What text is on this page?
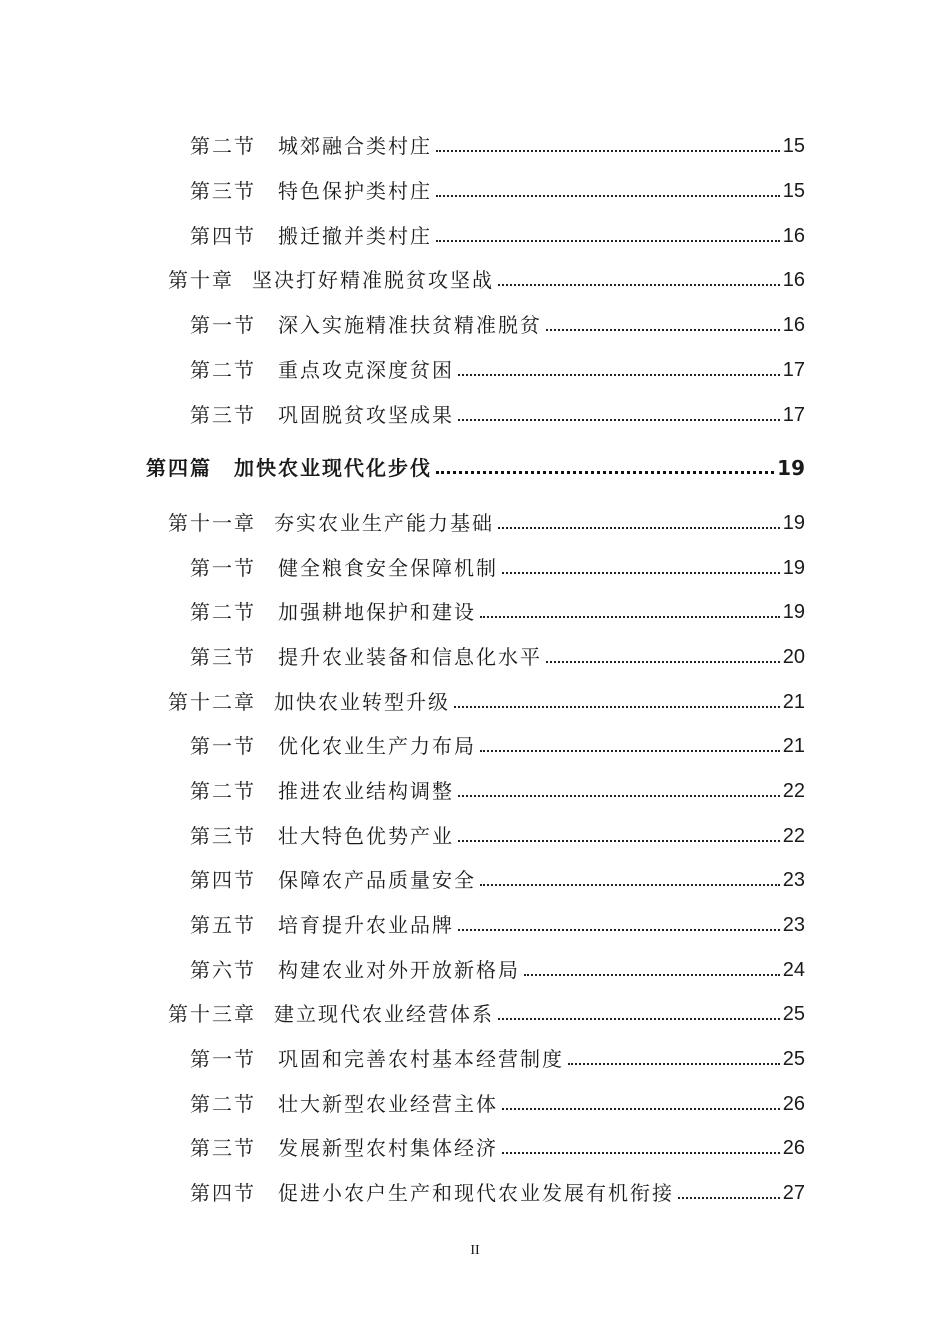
第二节 城郊融合类村庄	15
第三节 特色保护类村庄	15
第四节 搬迁撤并类村庄	16
第十章 坚决打好精准脱贫攻坚战	16
第一节 深入实施精准扶贫精准脱贫	16
第二节 重点攻克深度贫困	17
第三节 巩固脱贫攻坚成果	17
第四篇 加快农业现代化步伐	19
第十一章 夯实农业生产能力基础	19
第一节 健全粮食安全保障机制	19
第二节 加强耕地保护和建设	19
第三节 提升农业装备和信息化水平	20
第十二章 加快农业转型升级	21
第一节 优化农业生产力布局	21
第二节 推进农业结构调整	22
第三节 壮大特色优势产业	22
第四节 保障农产品质量安全	23
第五节 培育提升农业品牌	23
第六节 构建农业对外开放新格局	24
第十三章 建立现代农业经营体系	25
第一节 巩固和完善农村基本经营制度	25
第二节 壮大新型农业经营主体	26
第三节 发展新型农村集体经济	26
第四节 促进小农户生产和现代农业发展有机衔接	27
II
